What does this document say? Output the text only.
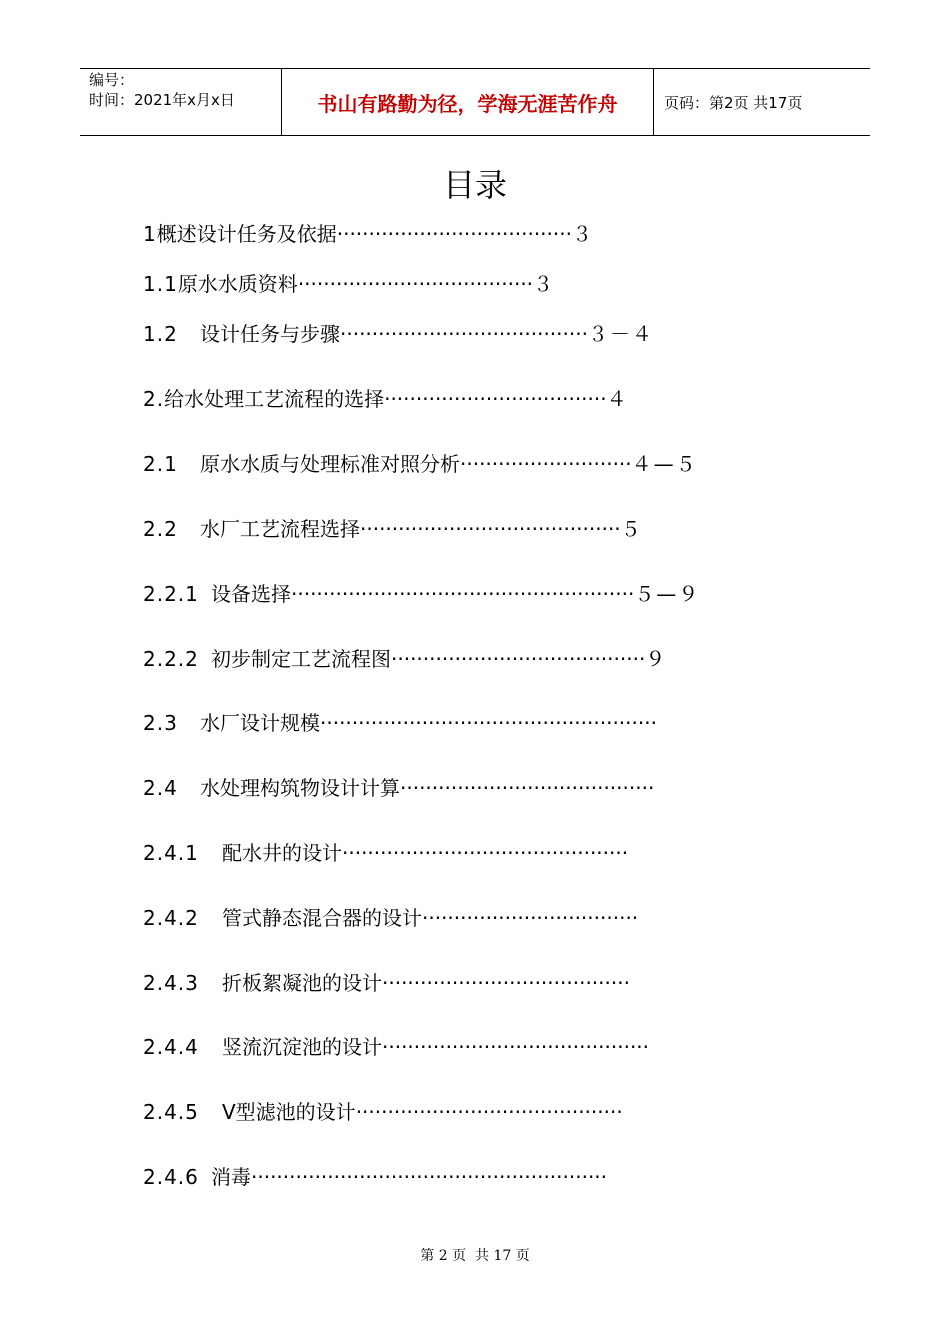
编号：
时间：2021年x月x日	书山有路勤为径，学海无涯苦作舟	页码：第2页 共17页
目录
1概述设计任务及依据·····································３
1.1原水水质资料·····································３
1.2 设计任务与步骤·······································３－４
2.给水处理工艺流程的选择···································４
2.1 原水水质与处理标准对照分析···························４—５
2.2 水厂工艺流程选择·········································５
2.2.1 设备选择······················································５—９
2.2.2 初步制定工艺流程图········································９
2.3 水厂设计规模·····················································
2.4 水处理构筑物设计计算········································
2.4.1 配水井的设计·············································
2.4.2 管式静态混合器的设计··································
2.4.3 折板絮凝池的设计·······································
2.4.4 竖流沉淀池的设计··········································
2.4.5 V型滤池的设计··········································
2.4.6 消毒························································
第 2 页  共 17 页
